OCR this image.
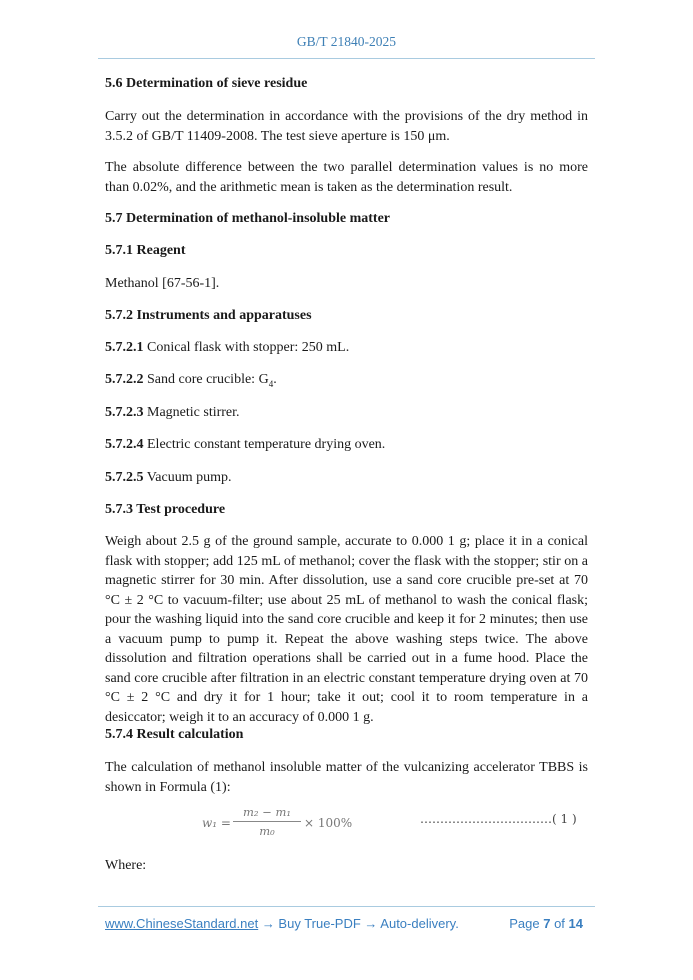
GB/T 21840-2025

5.6 Determination of sieve residue

Carry out the determination in accordance with the provisions of the dry method in 3.5.2 of GB/T 11409-2008. The test sieve aperture is 150 μm.

The absolute difference between the two parallel determination values is no more than 0.02%, and the arithmetic mean is taken as the determination result.

5.7 Determination of methanol-insoluble matter

5.7.1 Reagent

Methanol [67-56-1].

5.7.2 Instruments and apparatuses

5.7.2.1 Conical flask with stopper: 250 mL.

5.7.2.2 Sand core crucible: $G_4$.

5.7.2.3 Magnetic stirrer.

5.7.2.4 Electric constant temperature drying oven.

5.7.2.5 Vacuum pump.

5.7.3 Test procedure

Weigh about 2.5 g of the ground sample, accurate to 0.000 1 g; place it in a conical flask with stopper; add 125 mL of methanol; cover the flask with the stopper; stir on a magnetic stirrer for 30 min. After dissolution, use a sand core crucible pre-set at 70 °C ± 2 °C to vacuum-filter; use about 25 mL of methanol to wash the conical flask; pour the washing liquid into the sand core crucible and keep it for 2 minutes; then use a vacuum pump to pump it. Repeat the above washing steps twice. The above dissolution and filtration operations shall be carried out in a fume hood. Place the sand core crucible after filtration in an electric constant temperature drying oven at 70 °C ± 2 °C and dry it for 1 hour; take it out; cool it to room temperature in a desiccator; weigh it to an accuracy of 0.000 1 g.

5.7.4 Result calculation

The calculation of methanol insoluble matter of the vulcanizing accelerator TBBS is shown in Formula (1):

Where:

$w_1 = \frac{\text{m₂ − m₁}}{\text{m₀}} \times 100\%$	……………………………( 1 )
www.ChineseStandard.net → Buy True-PDF → Auto-delivery.	Page 7 of 14
